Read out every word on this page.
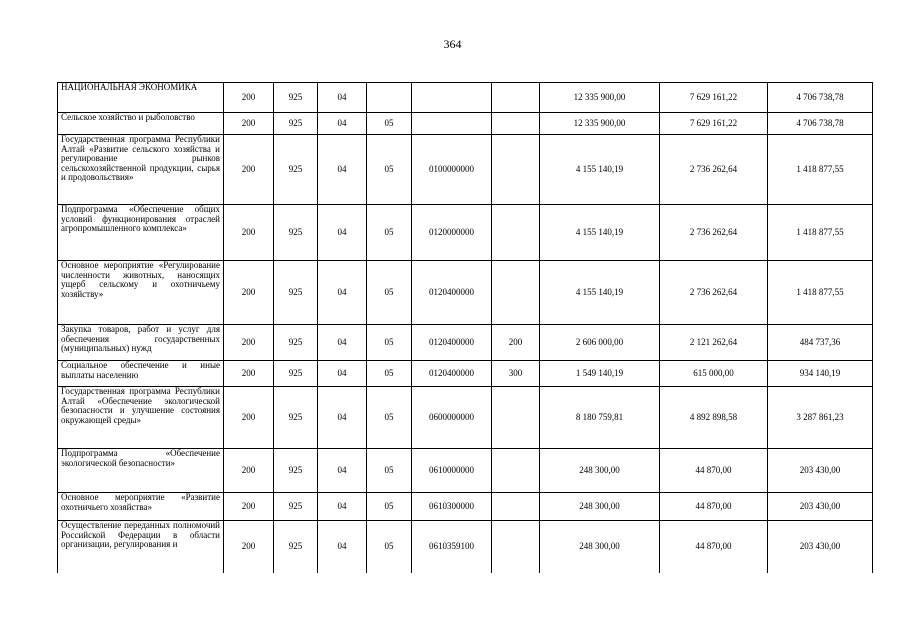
364
НАЦИОНАЛЬНАЯ ЭКОНОМИКА	200	925	04				12 335 900,00	7 629 161,22	4 706 738,78
Сельское хозяйство и рыболовство	200	925	04	05			12 335 900,00	7 629 161,22	4 706 738,78
Государственная программа Республики Алтай «Развитие сельского хозяйства и регулирование рынков сельскохозяйственной продукции, сырья и продовольствия»	200	925	04	05	0100000000		4 155 140,19	2 736 262,64	1 418 877,55
Подпрограмма «Обеспечение общих условий функционирования отраслей агропромышленного комплекса»	200	925	04	05	0120000000		4 155 140,19	2 736 262,64	1 418 877,55
Основное мероприятие «Регулирование численности животных, наносящих ущерб сельскому и охотничьему хозяйству»	200	925	04	05	0120400000		4 155 140,19	2 736 262,64	1 418 877,55
Закупка товаров, работ и услуг для обеспечения государственных (муниципальных) нужд	200	925	04	05	0120400000	200	2 606 000,00	2 121 262,64	484 737,36
Социальное обеспечение и иные выплаты населению	200	925	04	05	0120400000	300	1 549 140,19	615 000,00	934 140,19
Государственная программа Республики Алтай «Обеспечение экологической безопасности и улучшение состояния окружающей среды»	200	925	04	05	0600000000		8 180 759,81	4 892 898,58	3 287 861,23
Подпрограмма «Обеспечение экологической безопасности»	200	925	04	05	0610000000		248 300,00	44 870,00	203 430,00
Основное мероприятие «Развитие охотничьего хозяйства»	200	925	04	05	0610300000		248 300,00	44 870,00	203 430,00
Осуществление переданных полномочий Российской Федерации в области организации, регулирования и	200	925	04	05	0610359100		248 300,00	44 870,00	203 430,00
